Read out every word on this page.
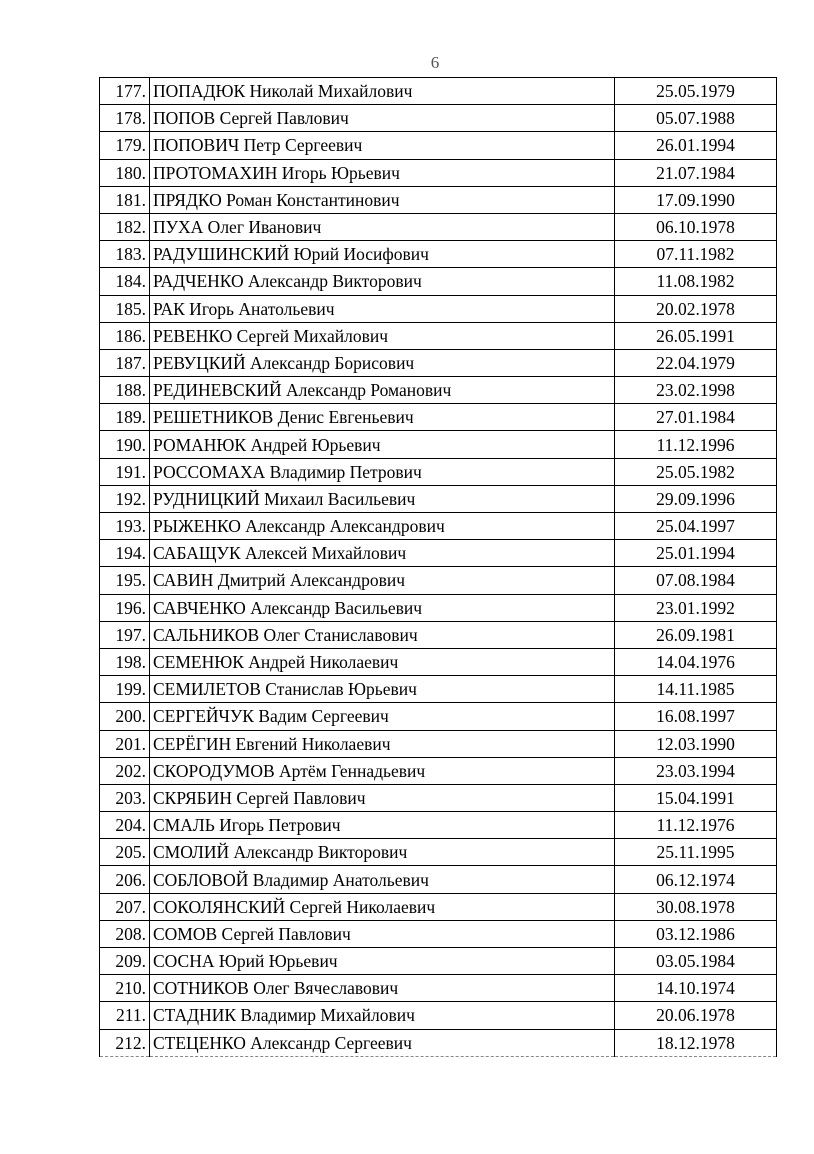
6
177.	ПОПАДЮК Николай Михайлович	25.05.1979
178.	ПОПОВ Сергей Павлович	05.07.1988
179.	ПОПОВИЧ Петр Сергеевич	26.01.1994
180.	ПРОТОМАХИН Игорь Юрьевич	21.07.1984
181.	ПРЯДКО Роман Константинович	17.09.1990
182.	ПУХА Олег Иванович	06.10.1978
183.	РАДУШИНСКИЙ Юрий Иосифович	07.11.1982
184.	РАДЧЕНКО Александр Викторович	11.08.1982
185.	РАК Игорь Анатольевич	20.02.1978
186.	РЕВЕНКО Сергей Михайлович	26.05.1991
187.	РЕВУЦКИЙ Александр Борисович	22.04.1979
188.	РЕДИНЕВСКИЙ Александр Романович	23.02.1998
189.	РЕШЕТНИКОВ Денис Евгеньевич	27.01.1984
190.	РОМАНЮК Андрей Юрьевич	11.12.1996
191.	РОССОМАХА Владимир Петрович	25.05.1982
192.	РУДНИЦКИЙ Михаил Васильевич	29.09.1996
193.	РЫЖЕНКО Александр Александрович	25.04.1997
194.	САБАЩУК Алексей Михайлович	25.01.1994
195.	САВИН Дмитрий Александрович	07.08.1984
196.	САВЧЕНКО Александр Васильевич	23.01.1992
197.	САЛЬНИКОВ Олег Станиславович	26.09.1981
198.	СЕМЕНЮК Андрей Николаевич	14.04.1976
199.	СЕМИЛЕТОВ Станислав Юрьевич	14.11.1985
200.	СЕРГЕЙЧУК Вадим Сергеевич	16.08.1997
201.	СЕРЁГИН Евгений Николаевич	12.03.1990
202.	СКОРОДУМОВ Артём Геннадьевич	23.03.1994
203.	СКРЯБИН Сергей Павлович	15.04.1991
204.	СМАЛЬ Игорь Петрович	11.12.1976
205.	СМОЛИЙ Александр Викторович	25.11.1995
206.	СОБЛОВОЙ Владимир Анатольевич	06.12.1974
207.	СОКОЛЯНСКИЙ Сергей Николаевич	30.08.1978
208.	СОМОВ Сергей Павлович	03.12.1986
209.	СОСНА Юрий Юрьевич	03.05.1984
210.	СОТНИКОВ Олег Вячеславович	14.10.1974
211.	СТАДНИК Владимир Михайлович	20.06.1978
212.	СТЕЦЕНКО Александр Сергеевич	18.12.1978
